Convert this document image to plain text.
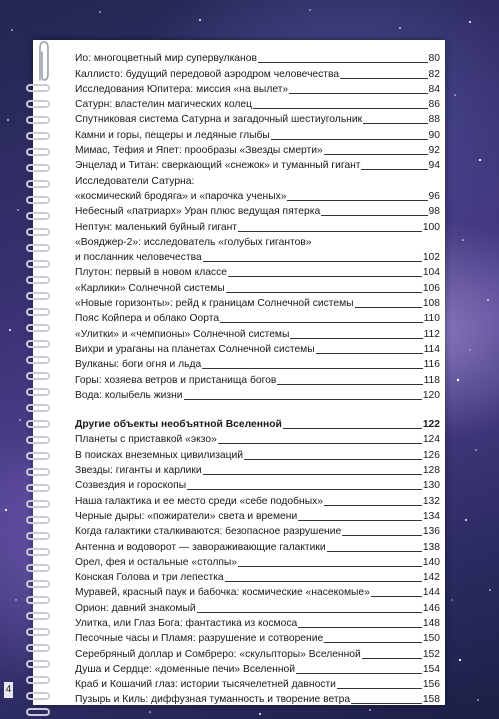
Ио: многоцветный мир супервулканов	80
Каллисто: будущий передовой аэродром человечества	82
Исследования Юпитера: миссия «на вылет»	84
Сатурн: властелин магических колец	86
Спутниковая система Сатурна и загадочный шестиугольник	88
Камни и горы, пещеры и ледяные глыбы	90
Мимас, Тефия и Япет: прообразы «Звезды смерти»	92
Энцелад и Титан: сверкающий «снежок» и туманный гигант	94
Исследователи Сатурна:
«космический бродяга» и «парочка ученых»	96
Небесный «патриарх» Уран плюс ведущая пятерка	98
Нептун: маленький буйный гигант	100
«Вояджер-2»: исследователь «голубых гигантов»
и посланник человечества	102
Плутон: первый в новом классе	104
«Карлики» Солнечной системы	106
«Новые горизонты»: рейд к границам Солнечной системы	108
Пояс Койпера и облако Оорта	110
«Улитки» и «чемпионы» Солнечной системы	112
Вихри и ураганы на планетах Солнечной системы	114
Вулканы: боги огня и льда	116
Горы: хозяева ветров и пристанища богов	118
Вода: колыбель жизни	120
Другие объекты необъятной Вселенной	122
Планеты с приставкой «экзо»	124
В поисках внеземных цивилизаций	126
Звезды: гиганты и карлики	128
Созвездия и гороскопы	130
Наша галактика и ее место среди «себе подобных»	132
Черные дыры: «пожиратели» света и времени	134
Когда галактики сталкиваются: безопасное разрушение	136
Антенна и водоворот — завораживающие галактики	138
Орел, фея и остальные «столпы»	140
Конская Голова и три лепестка	142
Муравей, красный паук и бабочка: космические «насекомые»	144
Орион: давний знакомый	146
Улитка, или Глаз Бога: фантастика из космоса	148
Песочные часы и Пламя: разрушение и сотворение	150
Серебряный доллар и Сомбреро: «скульпторы» Вселенной	152
Душа и Сердце: «доменные печи» Вселенной	154
Краб и Кошачий глаз: истории тысячелетней давности	156
Пузырь и Киль: диффузная туманность и творение ветра	158
4
